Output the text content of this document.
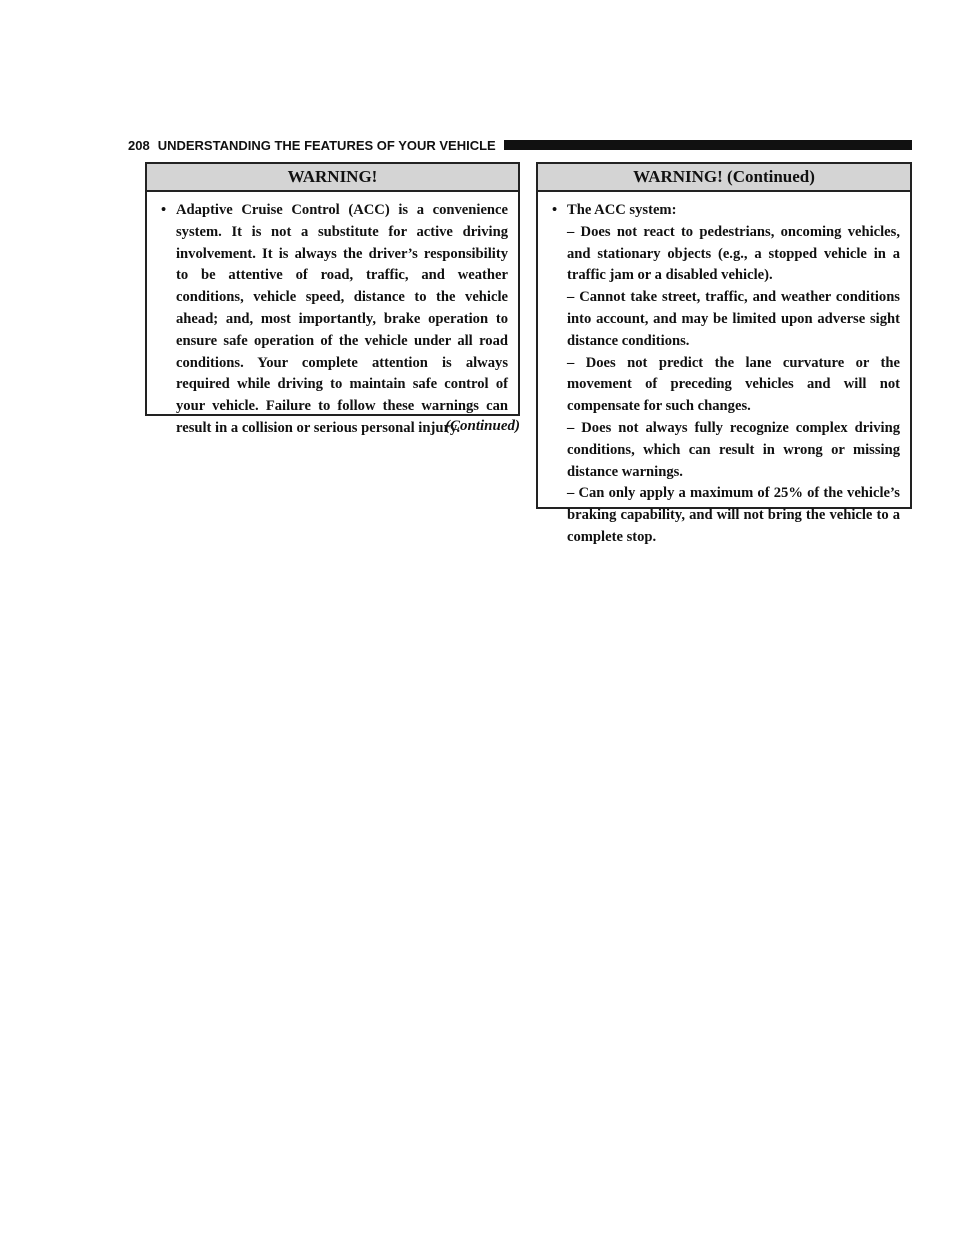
208 UNDERSTANDING THE FEATURES OF YOUR VEHICLE
WARNING!
• Adaptive Cruise Control (ACC) is a convenience system. It is not a substitute for active driving involvement. It is always the driver’s responsibility to be attentive of road, traffic, and weather conditions, vehicle speed, distance to the vehicle ahead; and, most importantly, brake operation to ensure safe operation of the vehicle under all road conditions. Your complete attention is always required while driving to maintain safe control of your vehicle. Failure to follow these warnings can result in a collision or serious personal injury.
(Continued)
WARNING! (Continued)
• The ACC system:

– Does not react to pedestrians, oncoming vehicles, and stationary objects (e.g., a stopped vehicle in a traffic jam or a disabled vehicle).

– Cannot take street, traffic, and weather conditions into account, and may be limited upon adverse sight distance conditions.

– Does not predict the lane curvature or the movement of preceding vehicles and will not compensate for such changes.

– Does not always fully recognize complex driving conditions, which can result in wrong or missing distance warnings.

– Can only apply a maximum of 25% of the vehicle’s braking capability, and will not bring the vehicle to a complete stop.
